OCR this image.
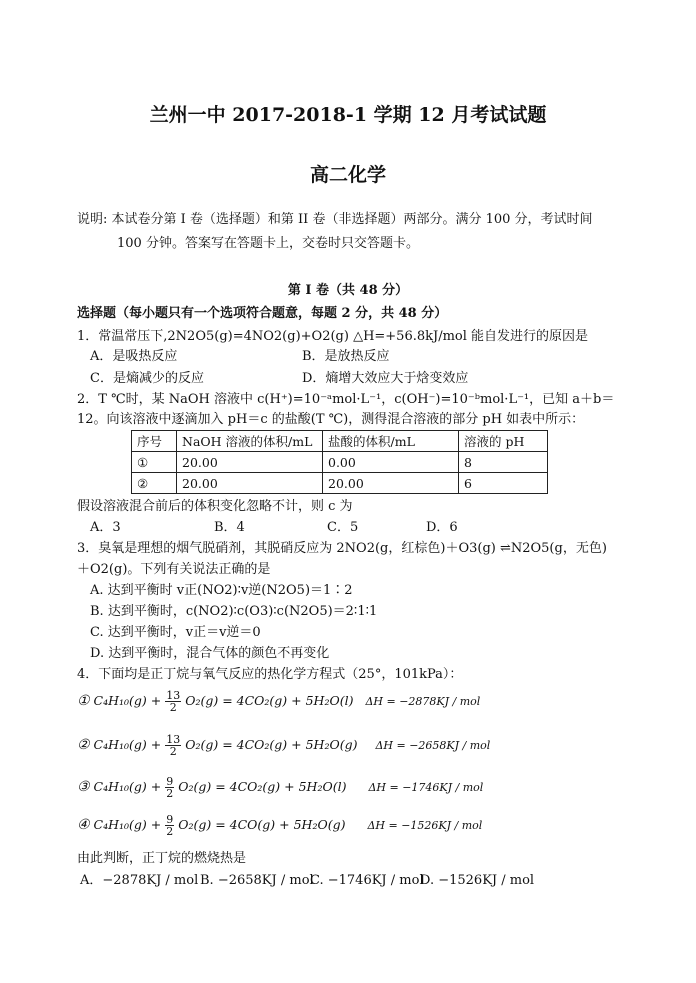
兰州一中 2017-2018-1 学期 12 月考试试题
高二化学
说明: 本试卷分第 I 卷（选择题）和第 II 卷（非选择题）两部分。满分 100 分，考试时间
100 分钟。答案写在答题卡上，交卷时只交答题卡。
第 I 卷（共 48 分）
选择题（每小题只有一个选项符合题意，每题 2 分，共 48 分）
1．常温常压下,2N2O5(g)=4NO2(g)+O2(g) △H=+56.8kJ/mol 能自发进行的原因是
A．是吸热反应	B．是放热反应
C．是熵减少的反应	D．熵增大效应大于焓变效应
2．T ℃时，某 NaOH 溶液中 c(H⁺)=10⁻ᵃmol·L⁻¹，c(OH⁻)=10⁻ᵇmol·L⁻¹，已知 a＋b＝
12。向该溶液中逐滴加入 pH＝c 的盐酸(T ℃)，测得混合溶液的部分 pH 如表中所示：
序号	NaOH 溶液的体积/mL	盐酸的体积/mL	溶液的 pH
①	20.00	0.00	8
②	20.00	20.00	6
假设溶液混合前后的体积变化忽略不计，则 c 为
A．3	B．4	C．5	D．6
3．臭氧是理想的烟气脱硝剂，其脱硝反应为 2NO2(g，红棕色)＋O3(g) ⇌N2O5(g，无色)
＋O2(g)。下列有关说法正确的是
A. 达到平衡时 v正(NO2)∶v逆(N2O5)＝1∶2
B. 达到平衡时，c(NO2)∶c(O3)∶c(N2O5)＝2∶1∶1
C. 达到平衡时，v正＝v逆＝0
D. 达到平衡时，混合气体的颜色不再变化
4．下面均是正丁烷与氧气反应的热化学方程式（25°，101kPa）：
① $C_4H_{10}(g) + \frac{13}{2} O_2(g) = 4CO_2(g) + 5H_2O(l) \Delta H = -2878KJ$ / mol
② $C_4H_{10}(g) + \frac{13}{2} O_2(g) = 4CO_2(g) + 5H_2O(g) \Delta H = -2658KJ$ / mol
③ $C_4H_{10}(g) + \frac{9}{2} O_2(g) = 4CO_2(g) + 5H_2O(l) \Delta H = -1746KJ$ / mol
④ $C_4H_{10}(g) + \frac{9}{2} O_2(g) = 4CO(g) + 5H_2O(g) \Delta H = -1526KJ$ / mol
由此判断，正丁烷的燃烧热是
A．−2878KJ / mol B. −2658KJ / mol
C. −1746KJ / mol
D. −1526KJ / mol
